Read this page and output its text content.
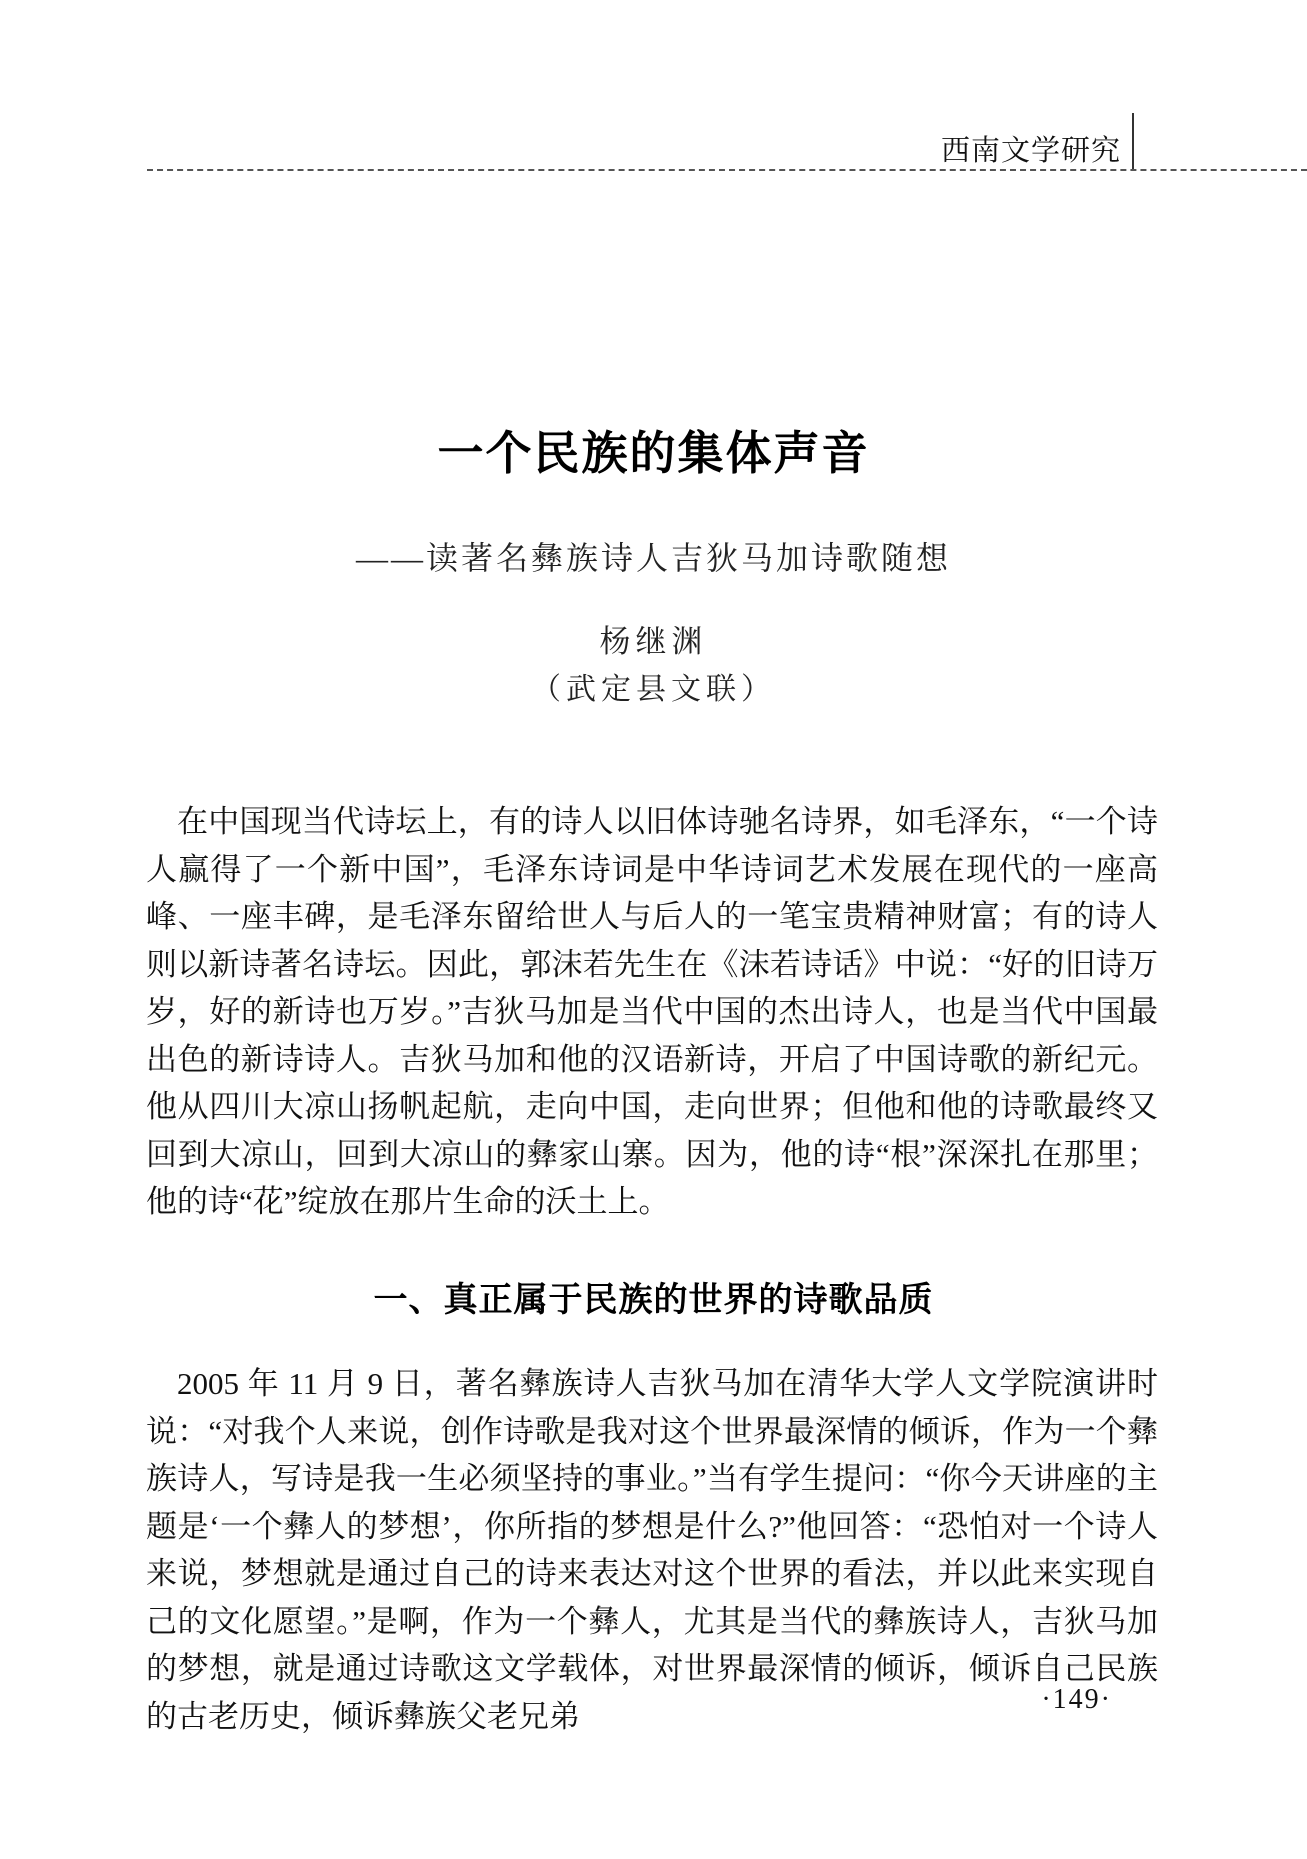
西南文学研究
一个民族的集体声音
——读著名彝族诗人吉狄马加诗歌随想
杨继渊
（武定县文联）

在中国现当代诗坛上，有的诗人以旧体诗驰名诗界，如毛泽东，“一个诗人赢得了一个新中国”，毛泽东诗词是中华诗词艺术发展在现代的一座高峰、一座丰碑，是毛泽东留给世人与后人的一笔宝贵精神财富；有的诗人则以新诗著名诗坛。因此，郭沫若先生在《沫若诗话》中说：“好的旧诗万岁，好的新诗也万岁。”吉狄马加是当代中国的杰出诗人，也是当代中国最出色的新诗诗人。吉狄马加和他的汉语新诗，开启了中国诗歌的新纪元。他从四川大凉山扬帆起航，走向中国，走向世界；但他和他的诗歌最终又回到大凉山，回到大凉山的彝家山寨。因为，他的诗“根”深深扎在那里；他的诗“花”绽放在那片生命的沃土上。

一、真正属于民族的世界的诗歌品质

2005 年 11 月 9 日，著名彝族诗人吉狄马加在清华大学人文学院演讲时说：“对我个人来说，创作诗歌是我对这个世界最深情的倾诉，作为一个彝族诗人，写诗是我一生必须坚持的事业。”当有学生提问：“你今天讲座的主题是‘一个彝人的梦想’，你所指的梦想是什么?”他回答：“恐怕对一个诗人来说，梦想就是通过自己的诗来表达对这个世界的看法，并以此来实现自己的文化愿望。”是啊，作为一个彝人，尤其是当代的彝族诗人，吉狄马加的梦想，就是通过诗歌这文学载体，对世界最深情的倾诉，倾诉自己民族的古老历史，倾诉彝族父老兄弟	·149·
